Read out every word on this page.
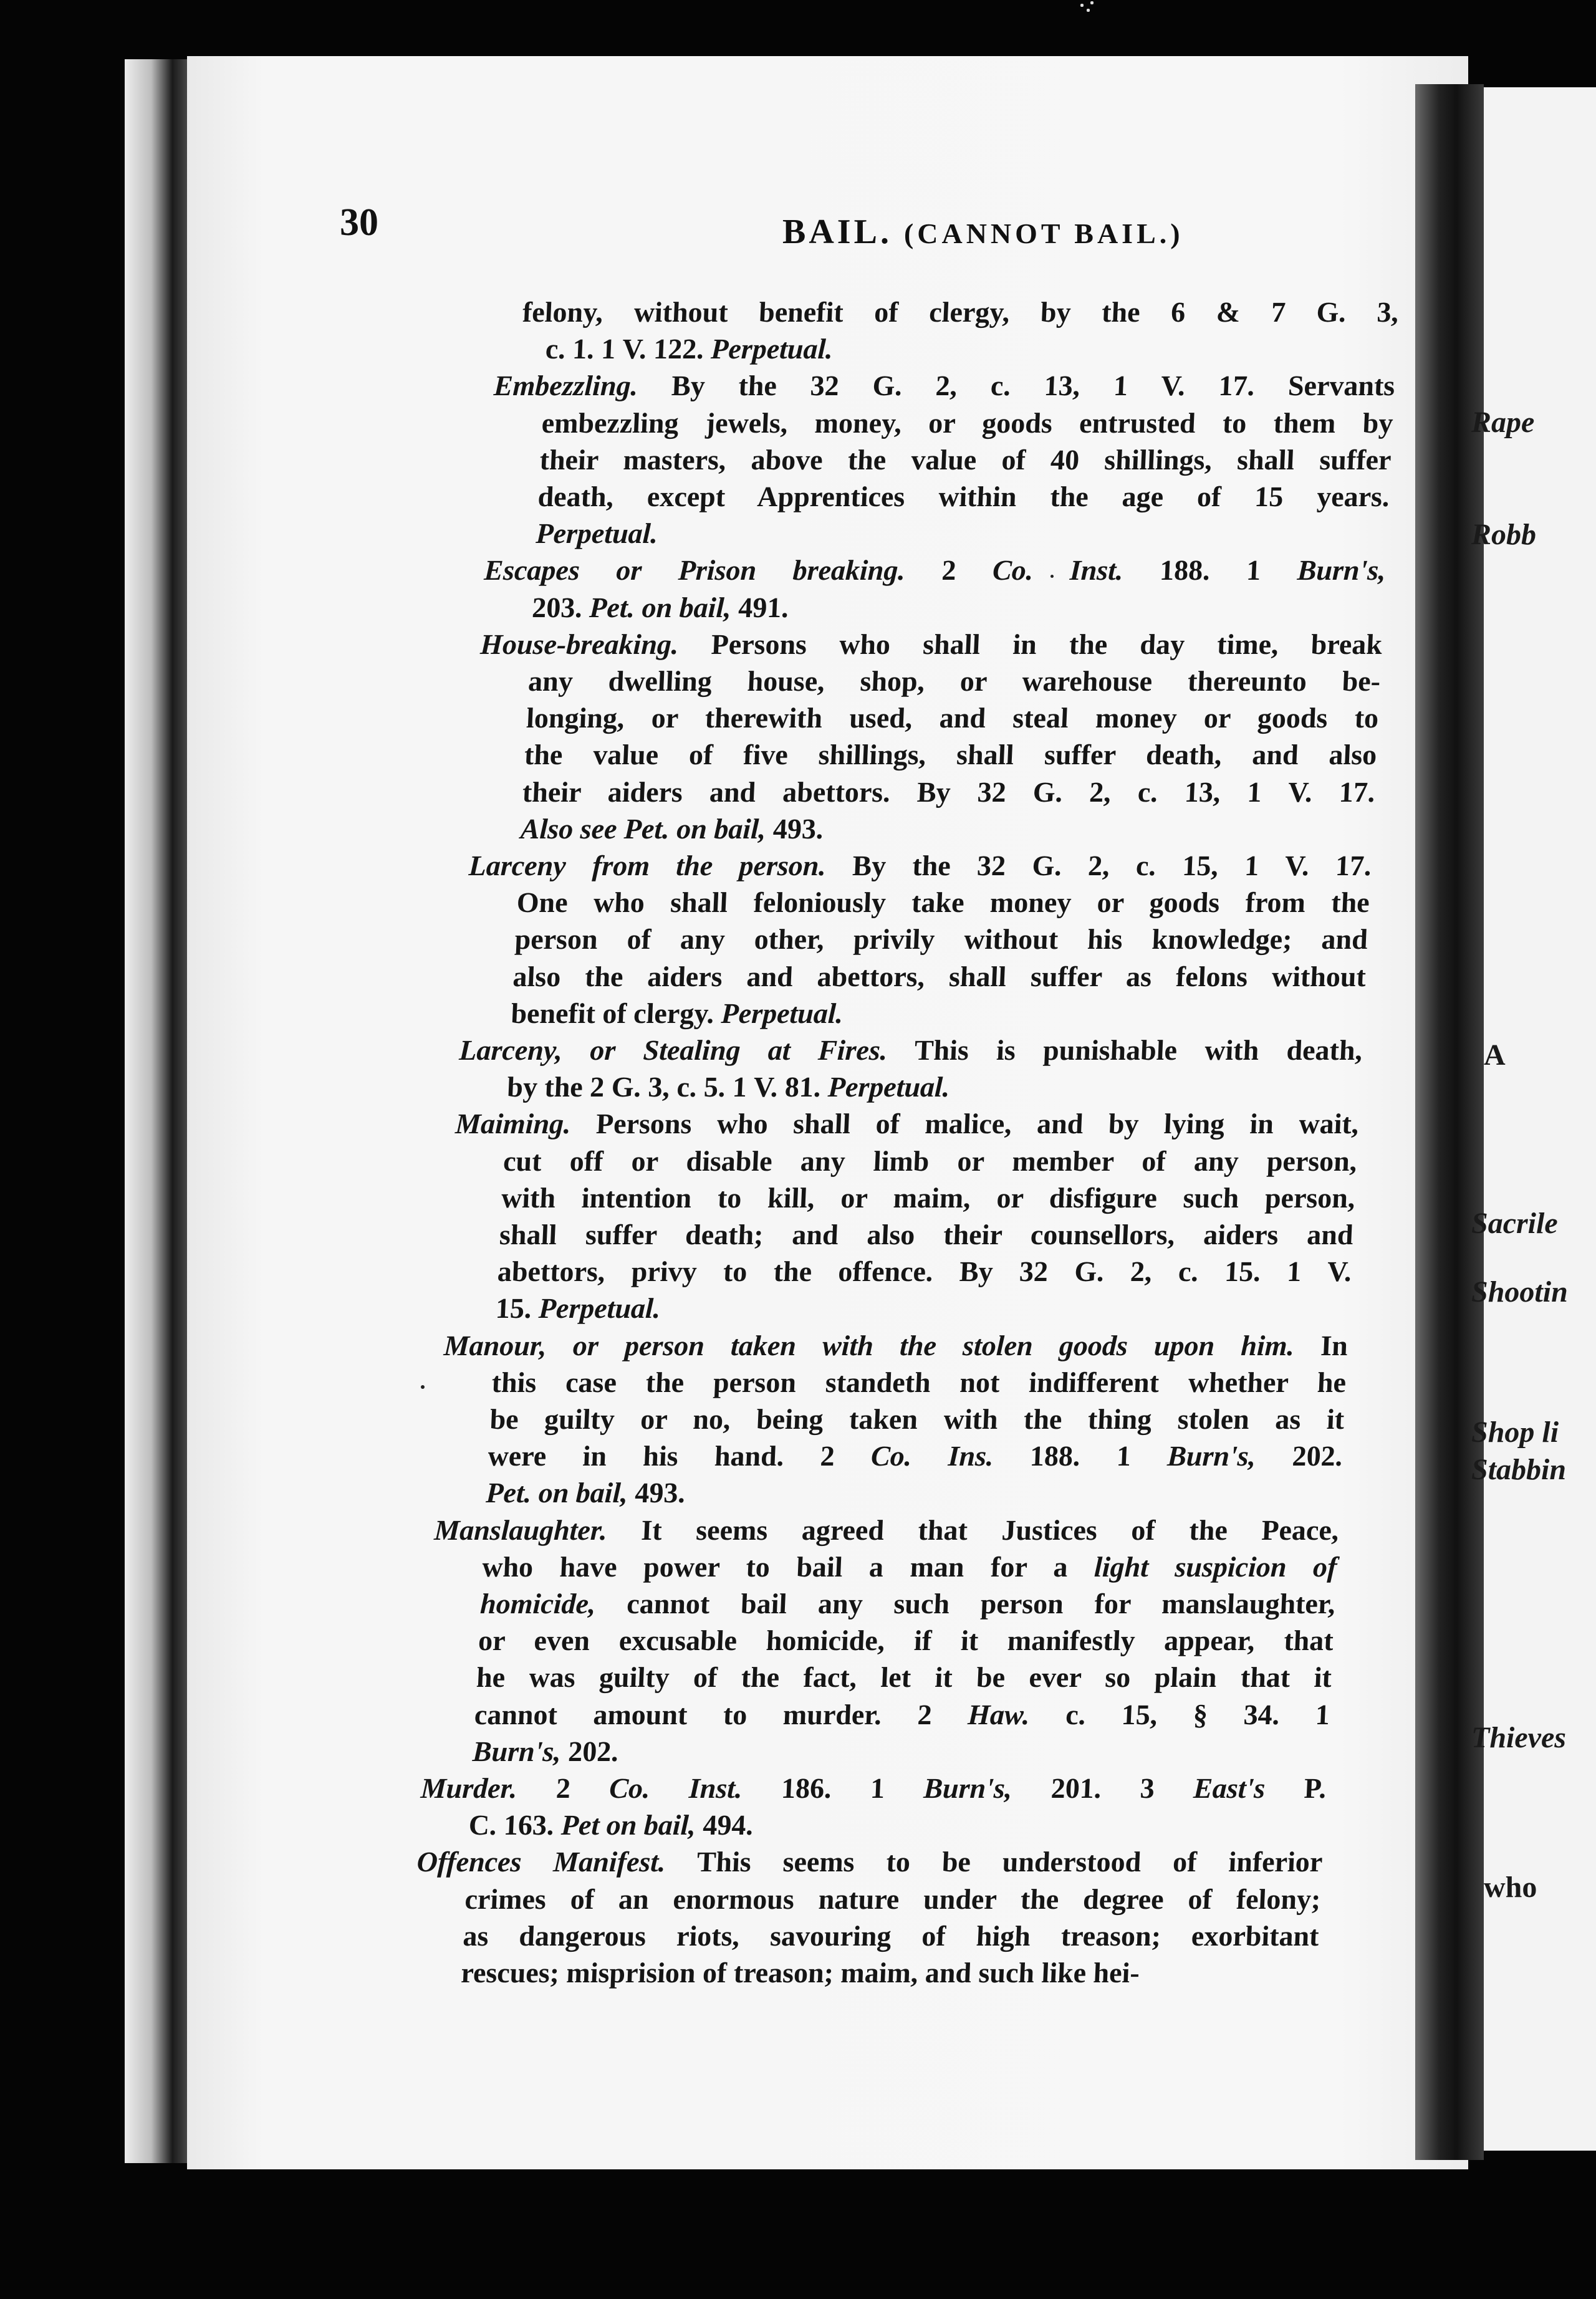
Rape
Robb
A
Sacrile
Shootin
Shop li
Stabbin
Thieves
who
30	BAIL. (CANNOT BAIL.)
felony, without benefit of clergy, by the 6 & 7 G. 3,
c. 1. 1 V. 122. Perpetual.
Embezzling. By the 32 G. 2, c. 13, 1 V. 17. Servants
embezzling jewels, money, or goods entrusted to them by
their masters, above the value of 40 shillings, shall suffer
death, except Apprentices within the age of 15 years.
Perpetual.
Escapes or Prison breaking. 2 Co. Inst. 188. 1 Burn's,
203. Pet. on bail, 491.
House-breaking. Persons who shall in the day time, break
any dwelling house, shop, or warehouse thereunto be-
longing, or therewith used, and steal money or goods to
the value of five shillings, shall suffer death, and also
their aiders and abettors. By 32 G. 2, c. 13, 1 V. 17.
Also see Pet. on bail, 493.
Larceny from the person. By the 32 G. 2, c. 15, 1 V. 17.
One who shall feloniously take money or goods from the
person of any other, privily without his knowledge; and
also the aiders and abettors, shall suffer as felons without
benefit of clergy. Perpetual.
Larceny, or Stealing at Fires. This is punishable with death,
by the 2 G. 3, c. 5. 1 V. 81. Perpetual.
Maiming. Persons who shall of malice, and by lying in wait,
cut off or disable any limb or member of any person,
with intention to kill, or maim, or disfigure such person,
shall suffer death; and also their counsellors, aiders and
abettors, privy to the offence. By 32 G. 2, c. 15. 1 V.
15. Perpetual.
Manour, or person taken with the stolen goods upon him. In
this case the person standeth not indifferent whether he
be guilty or no, being taken with the thing stolen as it
were in his hand. 2 Co. Ins. 188. 1 Burn's, 202.
Pet. on bail, 493.
Manslaughter. It seems agreed that Justices of the Peace,
who have power to bail a man for a light suspicion of
homicide, cannot bail any such person for manslaughter,
or even excusable homicide, if it manifestly appear, that
he was guilty of the fact, let it be ever so plain that it
cannot amount to murder. 2 Haw. c. 15, § 34. 1
Burn's, 202.
Murder. 2 Co. Inst. 186. 1 Burn's, 201. 3 East's P.
C. 163. Pet on bail, 494.
Offences Manifest. This seems to be understood of inferior
crimes of an enormous nature under the degree of felony;
as dangerous riots, savouring of high treason; exorbitant
rescues; misprision of treason; maim, and such like hei-
